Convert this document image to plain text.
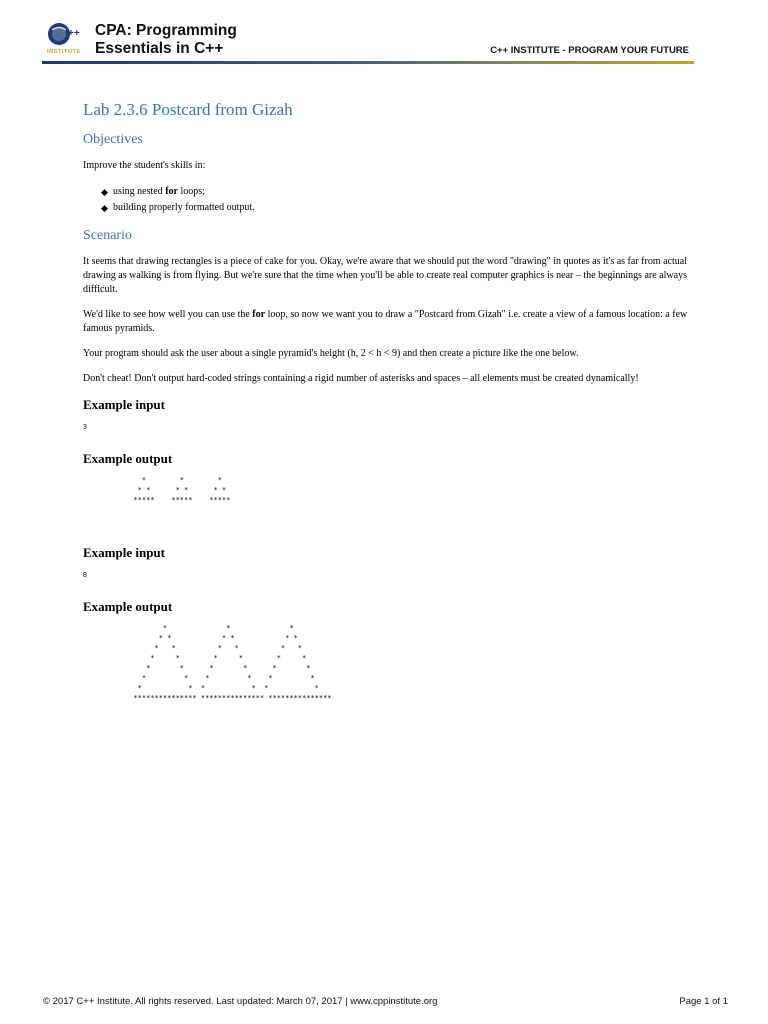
++
INSTITUTE
CPA: Programming
Essentials in C++	C++ INSTITUTE - PROGRAM YOUR FUTURE
Lab 2.3.6 Postcard from Gizah
Objectives

Improve the student's skills in:

◆ using nested for loops;
◆ building properly formatted output.
Scenario

It seems that drawing rectangles is a piece of cake for you. Okay, we're aware that we should put the word "drawing" in quotes as it's as far from actual drawing as walking is from flying. But we're sure that the time when you'll be able to create real computer graphics is near – the beginnings are always difficult.

We'd like to see how well you can use the for loop, so now we want you to draw a "Postcard from Gizah" i.e. create a view of a famous location: a few famous pyramids.

Your program should ask the user about a single pyramid's height (h, 2 < h < 9) and then create a picture like the one below.

Don't cheat! Don't output hard-coded strings containing a rigid number of asterisks and spaces – all elements must be created dynamically!

Example input
3
Example output
*        *        *
* *      * *      * *
*****    *****    *****
Example input
8
Example output
*              *              *
* *            * *            * *
*   *          *   *          *   *
*     *        *     *        *     *
*       *      *       *      *       *
*         *    *         *    *         *
*           *  *           *  *           *
*************** *************** ***************
© 2017 C++ Institute. All rights reserved. Last updated: March 07, 2017 | www.cppinstitute.org	Page 1 of 1
